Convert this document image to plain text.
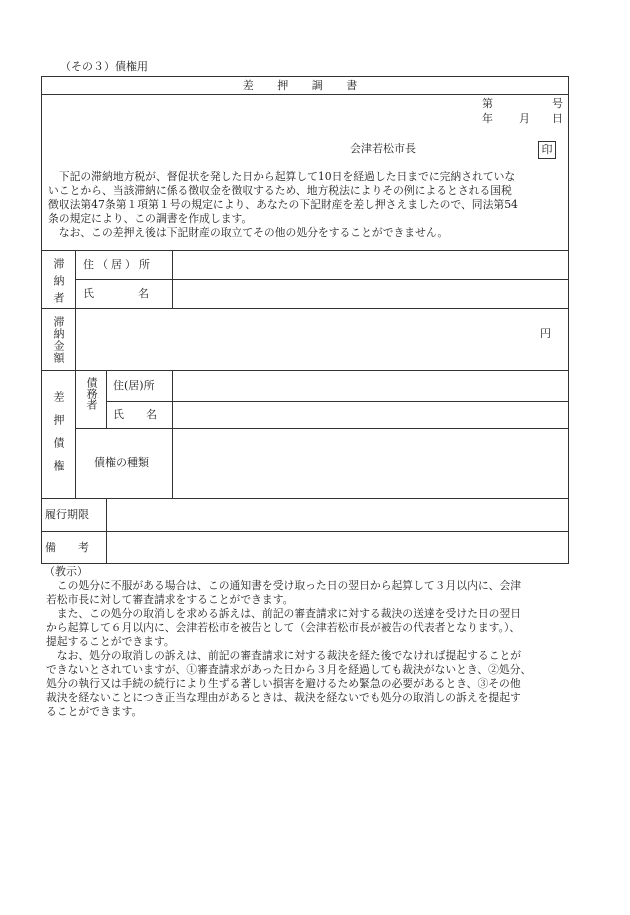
（その３）債権用
差 押 調 書
第	号
年 月 日
会津若松市長	印
　下記の滞納地方税が、督促状を発した日から起算して10日を経過した日までに完納されていな
いことから、当該滞納に係る徴収金を徴収するため、地方税法によりその例によるとされる国税
徴収法第47条第１項第１号の規定により、あなたの下記財産を差し押さえましたので、同法第54
条の規定により、この調書を作成します。
　なお、この差押え後は下記財産の取立てその他の処分をすることができません。
滞納者 住（居）所
氏　　　　名
滞納金額	円
差押債権 債務者 住(居)所
氏　　名
債権の種類
履行期限
備　　考
（教示）
　この処分に不服がある場合は、この通知書を受け取った日の翌日から起算して３月以内に、会津
若松市長に対して審査請求をすることができます。
　また、この処分の取消しを求める訴えは、前記の審査請求に対する裁決の送達を受けた日の翌日
から起算して６月以内に、会津若松市を被告として（会津若松市長が被告の代表者となります。）、
提起することができます。
　なお、処分の取消しの訴えは、前記の審査請求に対する裁決を経た後でなければ提起することが
できないとされていますが、①審査請求があった日から３月を経過しても裁決がないとき、②処分、
処分の執行又は手続の続行により生ずる著しい損害を避けるため緊急の必要があるとき、③その他
裁決を経ないことにつき正当な理由があるときは、裁決を経ないでも処分の取消しの訴えを提起す
ることができます。
